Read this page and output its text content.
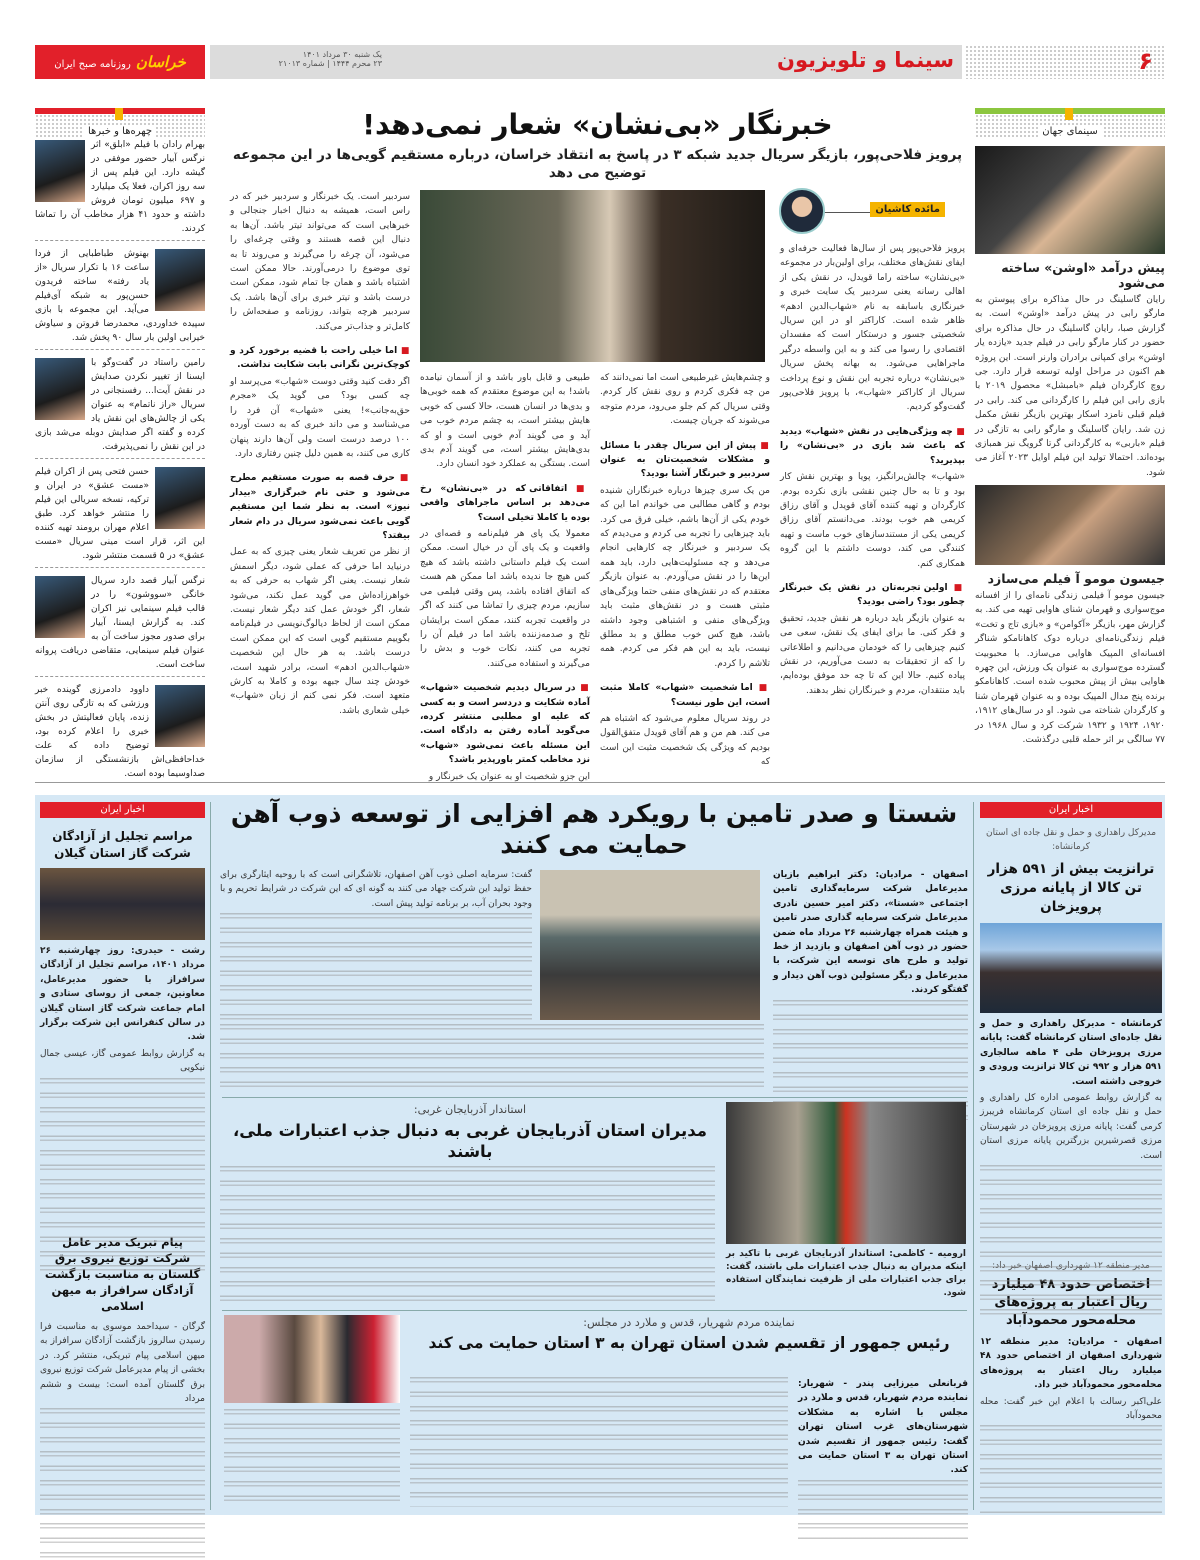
۶
سینما و تلویزیون
یک شنبه ۳۰ مرداد ۱۴۰۱
۲۳ محرم ۱۴۴۴ | شماره ۲۱۰۱۳
خراسان روزنامه صبح ایران
چهره‌ها و خبرها
بهرام رادان با فیلم «ابلق» اثر نرگس آبیار حضور موفقی در گیشه دارد. این فیلم پس از سه روز اکران، فعلا یک میلیارد و ۶۹۷ میلیون تومان فروش داشته و حدود ۴۱ هزار مخاطب آن را تماشا کردند.
بهنوش طباطبایی از فردا ساعت ۱۶ با تکرار سریال «از یاد رفته» ساخته فریدون حسن‌پور به شبکه آی‌فیلم می‌آید. این مجموعه با بازی سپیده خداوردی، محمدرضا فروتن و سیاوش خیرابی اولین بار سال ۹۰ پخش شد.
رامین راستاد در گفت‌وگو با ایسنا از تغییر نکردن صدایش در نقش آیت‌ا... رفسنجانی در سریال «راز ناتمام» به عنوان یکی از چالش‌های این نقش یاد کرده و گفته اگر صدایش دوبله می‌شد بازی در این نقش را نمی‌پذیرفت.
حسن فتحی پس از اکران فیلم «مست عشق» در ایران و ترکیه، نسخه سریالی این فیلم را منتشر خواهد کرد. طبق اعلام مهران برومند تهیه کننده این اثر، قرار است مینی سریال «مست عشق» در ۵ قسمت منتشر شود.
نرگس آبیار قصد دارد سریال خانگی «سووشون» را در قالب فیلم سینمایی نیز اکران کند. به گزارش ایسنا، آبیار برای صدور مجوز ساخت آن به عنوان فیلم سینمایی، متقاضی دریافت پروانه ساخت است.
داوود دادمرزی گوینده خبر ورزشی که به تازگی روی آنتن زنده، پایان فعالیتش در بخش خبری را اعلام کرده بود، توضیح داده که علت خداحافظی‌اش بازنشستگی از سازمان صداوسیما بوده است.
خبرنگار «بی‌نشان» شعار نمی‌دهد!
پرویز فلاحی‌پور، بازیگر سریال جدید شبکه ۳ در پاسخ به انتقاد خراسان، درباره مستقیم گویی‌ها در این مجموعه توضیح می دهد
مائده کاشیان

پرویز فلاحی‌پور پس از سال‌ها فعالیت حرفه‌ای و ایفای نقش‌های مختلف، برای اولین‌بار در مجموعه «بی‌نشان» ساخته راما قویدل، در نقش یکی از اهالی رسانه یعنی سردبیر یک سایت خبری و خبرنگاری باسابقه به نام «شهاب‌الدین ادهم» ظاهر شده است. کاراکتر او در این سریال شخصیتی جسور و درستکار است که مفسدان اقتصادی را رسوا می کند و به این واسطه درگیر ماجراهایی می‌شود. به بهانه پخش سریال «بی‌نشان» درباره تجربه این نقش و نوع پرداخت سریال از کاراکتر «شهاب»، با پرویز فلاحی‌پور گفت‌وگو کردیم.

■ چه ویژگی‌هایی در نقش «شهاب» دیدید که باعث شد بازی در «بی‌نشان» را بپذیرید؟

«شهاب» چالش‌برانگیز، پویا و بهترین نقش کار بود و تا به حال چنین نقشی بازی نکرده بودم. کارگردان و تهیه کننده آقای قویدل و آقای رزاق کریمی هم خوب بودند. می‌دانستم آقای رزاق کریمی یکی از مستندسازهای خوب ماست و تهیه کنندگی می کند، دوست داشتم با این گروه همکاری کنم.

■ اولین تجربه‌تان در نقش یک خبرنگار چطور بود؟ راضی بودید؟

به عنوان بازیگر باید درباره هر نقش جدید، تحقیق و فکر کنی. ما برای ایفای یک نقش، سعی می کنیم چیزهایی را که خودمان می‌دانیم و اطلاعاتی را که از تحقیقات به دست می‌آوریم، در نقش پیاده کنیم. حالا این که تا چه حد موفق بوده‌ایم، باید منتقدان، مردم و خبرنگاران نظر بدهند.

و چشم‌هایش غیرطبیعی است اما نمی‌دانند که من چه فکری کردم و روی نقش کار کردم. وقتی سریال کم کم جلو می‌رود، مردم متوجه می‌شوند که جریان چیست.

■ پیش از این سریال چقدر با مسائل و مشکلات شخصیت‌تان به عنوان سردبیر و خبرنگار آشنا بودید؟

من یک سری چیزها درباره خبرنگاران شنیده بودم و گاهی مطالبی می خواندم اما این که خودم یکی از آن‌ها باشم، خیلی فرق می کرد. باید چیزهایی را تجربه می کردم و می‌دیدم که یک سردبیر و خبرنگار چه کارهایی انجام می‌دهد و چه مسئولیت‌هایی دارد، باید همه این‌ها را در نقش می‌آوردم. به عنوان بازیگر معتقدم که در نقش‌های منفی حتما ویژگی‌های مثبتی هست و در نقش‌های مثبت باید ویژگی‌های منفی و اشتباهی وجود داشته باشد، هیچ کس خوب مطلق و بد مطلق نیست، باید به این هم فکر می کردم. همه تلاشم را کردم.

■ اما شخصیت «شهاب» کاملا مثبت است، این طور نیست؟

در روند سریال معلوم می‌شود که اشتباه هم می کند. هم من و هم آقای قویدل متفق‌القول بودیم که ویژگی یک شخصیت مثبت این است که

طبیعی و قابل باور باشد و از آسمان نیامده باشد! به این موضوع معتقدم که همه خوبی‌ها و بدی‌ها در انسان هست، حالا کسی که خوبی هایش بیشتر است، به چشم مردم خوب می آید و می گویند آدم خوبی است و او که بدی‌هایش بیشتر است، می گویند آدم بدی است. بستگی به عملکرد خود انسان دارد.

■ اتفاقاتی که در «بی‌نشان» رخ می‌دهد بر اساس ماجراهای واقعی بوده یا کاملا تخیلی است؟

معمولا یک پای هر فیلم‌نامه و قصه‌ای در واقعیت و یک پای آن در خیال است. ممکن است یک فیلم داستانی داشته باشد که هیچ کس هیچ جا ندیده باشد اما ممکن هم هست که اتفاق افتاده باشد، پس وقتی فیلمی می سازیم، مردم چیزی را تماشا می کنند که اگر در واقعیت تجربه کنند، ممکن است برایشان تلخ و صدمه‌زننده باشد اما در فیلم آن را تجربه می کنند، نکات خوب و بدش را می‌گیرند و استفاده می‌کنند.

■ در سریال دیدیم شخصیت «شهاب» آماده شکایت و دردسر است و به کسی که علیه او مطلبی منتشر کرده، می‌گوید آماده رفتن به دادگاه است. این مسئله باعث نمی‌شود «شهاب» نزد مخاطب کمتر باورپذیر باشد؟

این جزو شخصیت او به عنوان یک خبرنگار و

سردبیر است. یک خبرنگار و سردبیر خبر که در راس است، همیشه به دنبال اخبار جنجالی و خبرهایی است که می‌تواند تیتر باشد. آن‌ها به دنبال این قصه هستند و وقتی چرغه‌ای را می‌شود، آن چرغه را می‌گیرند و می‌روند تا به توی موضوع را درمی‌آورند. حالا ممکن است اشتباه باشد و همان جا تمام شود، ممکن است درست باشد و تیتر خبری برای آن‌ها باشد. یک سردبیر هرچه بتواند، روزنامه و صفحه‌اش را کامل‌تر و جذاب‌تر می‌کند.

■ اما خیلی راحت با قضیه برخورد کرد و کوچک‌ترین نگرانی بابت شکایت نداشت.

اگر دقت کنید وقتی دوست «شهاب» می‌پرسد او چه کسی بود؟ می گوید یک «مجرم حق‌به‌جانب»! یعنی «شهاب» آن فرد را می‌شناسد و می داند خبری که به دست آورده ۱۰۰ درصد درست است ولی آن‌ها دارند پنهان کاری می کنند، به همین دلیل چنین رفتاری دارد.

■ حرف قصه به صورت مستقیم مطرح می‌شود و حتی نام خبرگزاری «بیدار نیوز» است. به نظر شما این مستقیم گویی باعث نمی‌شود سریال در دام شعار بیفتد؟

از نظر من تعریف شعار یعنی چیزی که به عمل درنیاید اما حرفی که عملی شود، دیگر اسمش شعار نیست. یعنی اگر شهاب به حرفی که به خواهرزاده‌اش می گوید عمل نکند، می‌شود شعار، اگر خودش عمل کند دیگر شعار نیست. ممکن است از لحاظ دیالوگ‌نویسی در فیلم‌نامه بگوییم مستقیم گویی است که این ممکن است درست باشد. به هر حال این شخصیت «شهاب‌الدین ادهم» است، برادر شهید است، خودش چند سال جبهه بوده و کاملا به کارش متعهد است. فکر نمی کنم از زبان «شهاب» خیلی شعاری باشد.

سینمای جهان
پیش درآمد «اوشن» ساخته می‌شود
رایان گاسلینگ در حال مذاکره برای پیوستن به مارگو رابی در پیش درآمد «اوشن» است. به گزارش صبا، رایان گاسلینگ در حال مذاکره برای حضور در کنار مارگو رابی در فیلم جدید «یازده یار اوشن» برای کمپانی برادران وارنر است. این پروژه هم اکنون در مراحل اولیه توسعه قرار دارد. جی روچ کارگردان فیلم «بامبشل» محصول ۲۰۱۹ با بازی رابی این فیلم را کارگردانی می کند. رابی در فیلم قبلی نامزد اسکار بهترین بازیگر نقش مکمل زن شد. رایان گاسلینگ و مارگو رابی به تازگی در فیلم «باربی» به کارگردانی گرتا گرویگ نیز همبازی بوده‌اند. احتمالا تولید این فیلم اوایل ۲۰۲۳ آغاز می شود.
جیسون مومو آ فیلم می‌سازد
جیسون مومو آ فیلمی زندگی نامه‌ای را از افسانه موج‌سواری و قهرمان شنای هاوایی تهیه می کند. به گزارش مهر، بازیگر «آکوامن» و «بازی تاج و تخت» فیلم زندگی‌نامه‌ای درباره دوک کاهانامکو شناگر افسانه‌ای المپیک هاوایی می‌سازد. با محبوبیت گسترده موج‌سواری به عنوان یک ورزش، این چهره هاوایی بیش از پیش محبوب شده است. کاهانامکو برنده پنج مدال المپیک بوده و به عنوان قهرمان شنا و کارگردان شناخته می شود. او در سال‌های ۱۹۱۲، ۱۹۲۰، ۱۹۲۴ و ۱۹۳۲ شرکت کرد و سال ۱۹۶۸ در ۷۷ سالگی بر اثر حمله قلبی درگذشت.
اخبار ایران
مراسم تجلیل از آزادگان شرکت گاز استان گیلان

رشت - حیدری: روز چهارشنبه ۲۶ مرداد ۱۴۰۱، مراسم تجلیل از آزادگان سرافراز با حضور مدیرعامل، معاونین، جمعی از روسای ستادی و امام جماعت شرکت گاز استان گیلان در سالن کنفرانس این شرکت برگزار شد.

به گزارش روابط عمومی گاز، عیسی جمال نیکویی

پیام تبریک مدیر عامل شرکت توزیع نیروی برق گلستان به مناسبت بازگشت آزادگان سرافراز به میهن اسلامی

گرگان - سیداحمد موسوی به مناسبت فرا رسیدن سالروز بازگشت آزادگان سرافراز به میهن اسلامی پیام تبریکی، منتشر کرد. در بخشی از پیام مدیرعامل شرکت توزیع نیروی برق گلستان آمده است: بیست و ششم مرداد

شستا و صدر تامین با رویکرد هم افزایی از توسعه ذوب آهن حمایت می کنند

اصفهان - مرادیان: دکتر ابراهیم بازیان مدیرعامل شرکت سرمایه‌گذاری تامین اجتماعی «شستا»، دکتر امیر حسین نادری مدیرعامل شرکت سرمایه گذاری صدر تامین و هیئت همراه چهارشنبه ۲۶ مرداد ماه ضمن حضور در ذوب آهن اصفهان و بازدید از خط تولید و طرح های توسعه این شرکت، با مدیرعامل و دیگر مسئولین ذوب آهن دیدار و گفتگو کردند.

گفت: سرمایه اصلی ذوب آهن اصفهان، تلاشگرانی است که با روحیه ایثارگری برای حفظ تولید این شرکت جهاد می کنند به گونه ای که این شرکت در شرایط تحریم و با وجود بحران آب، بر برنامه تولید پیش است.

ارومیه - کاظمی: استاندار آذربایجان غربی با تاکید بر اینکه مدیران به دنبال جذب اعتبارات ملی باشند، گفت: برای جذب اعتبارات ملی از ظرفیت نمایندگان استفاده شود.
استاندار آذربایجان غربی:
مدیران استان آذربایجان غربی به دنبال جذب اعتبارات ملی، باشند
نماینده مردم شهریار، قدس و ملارد در مجلس:
رئیس جمهور از تقسیم شدن استان تهران به ۳ استان حمایت می کند

قربانعلی میرزایی پندر - شهریار: نماینده مردم شهریار، قدس و ملارد در مجلس با اشاره به مشکلات شهرستان‌های غرب استان تهران گفت: رئیس جمهور از تقسیم شدن استان تهران به ۳ استان حمایت می کند.

اخبار ایران
مدیرکل راهداری و حمل و نقل جاده ای استان کرمانشاه:
ترانزیت بیش از ۵۹۱ هزار تن کالا از پایانه مرزی پرویزخان

کرمانشاه - مدیرکل راهداری و حمل و نقل جاده‌ای استان کرمانشاه گفت: پایانه مرزی پرویزخان طی ۴ ماهه سالجاری ۵۹۱ هزار و ۹۹۲ تن کالا ترانزیت ورودی و خروجی داشته است.

به گزارش روابط عمومی اداره کل راهداری و حمل و نقل جاده ای استان کرمانشاه فریبرز کرمی گفت: پایانه مرزی پرویزخان در شهرستان مرزی قصرشیرین بزرگترین پایانه مرزی استان است.

مدیر منطقه ۱۲ شهرداری اصفهان خبر داد:
اختصاص حدود ۴۸ میلیارد ریال اعتبار به پروژه‌های محله‌محور محمودآباد

اصفهان - مرادیان: مدیر منطقه ۱۲ شهرداری اصفهان از اختصاص حدود ۴۸ میلیارد ریال اعتبار به پروژه‌های محله‌محور محمودآباد خبر داد.

علی‌اکبر رسالت با اعلام این خبر گفت: محله محمودآباد
